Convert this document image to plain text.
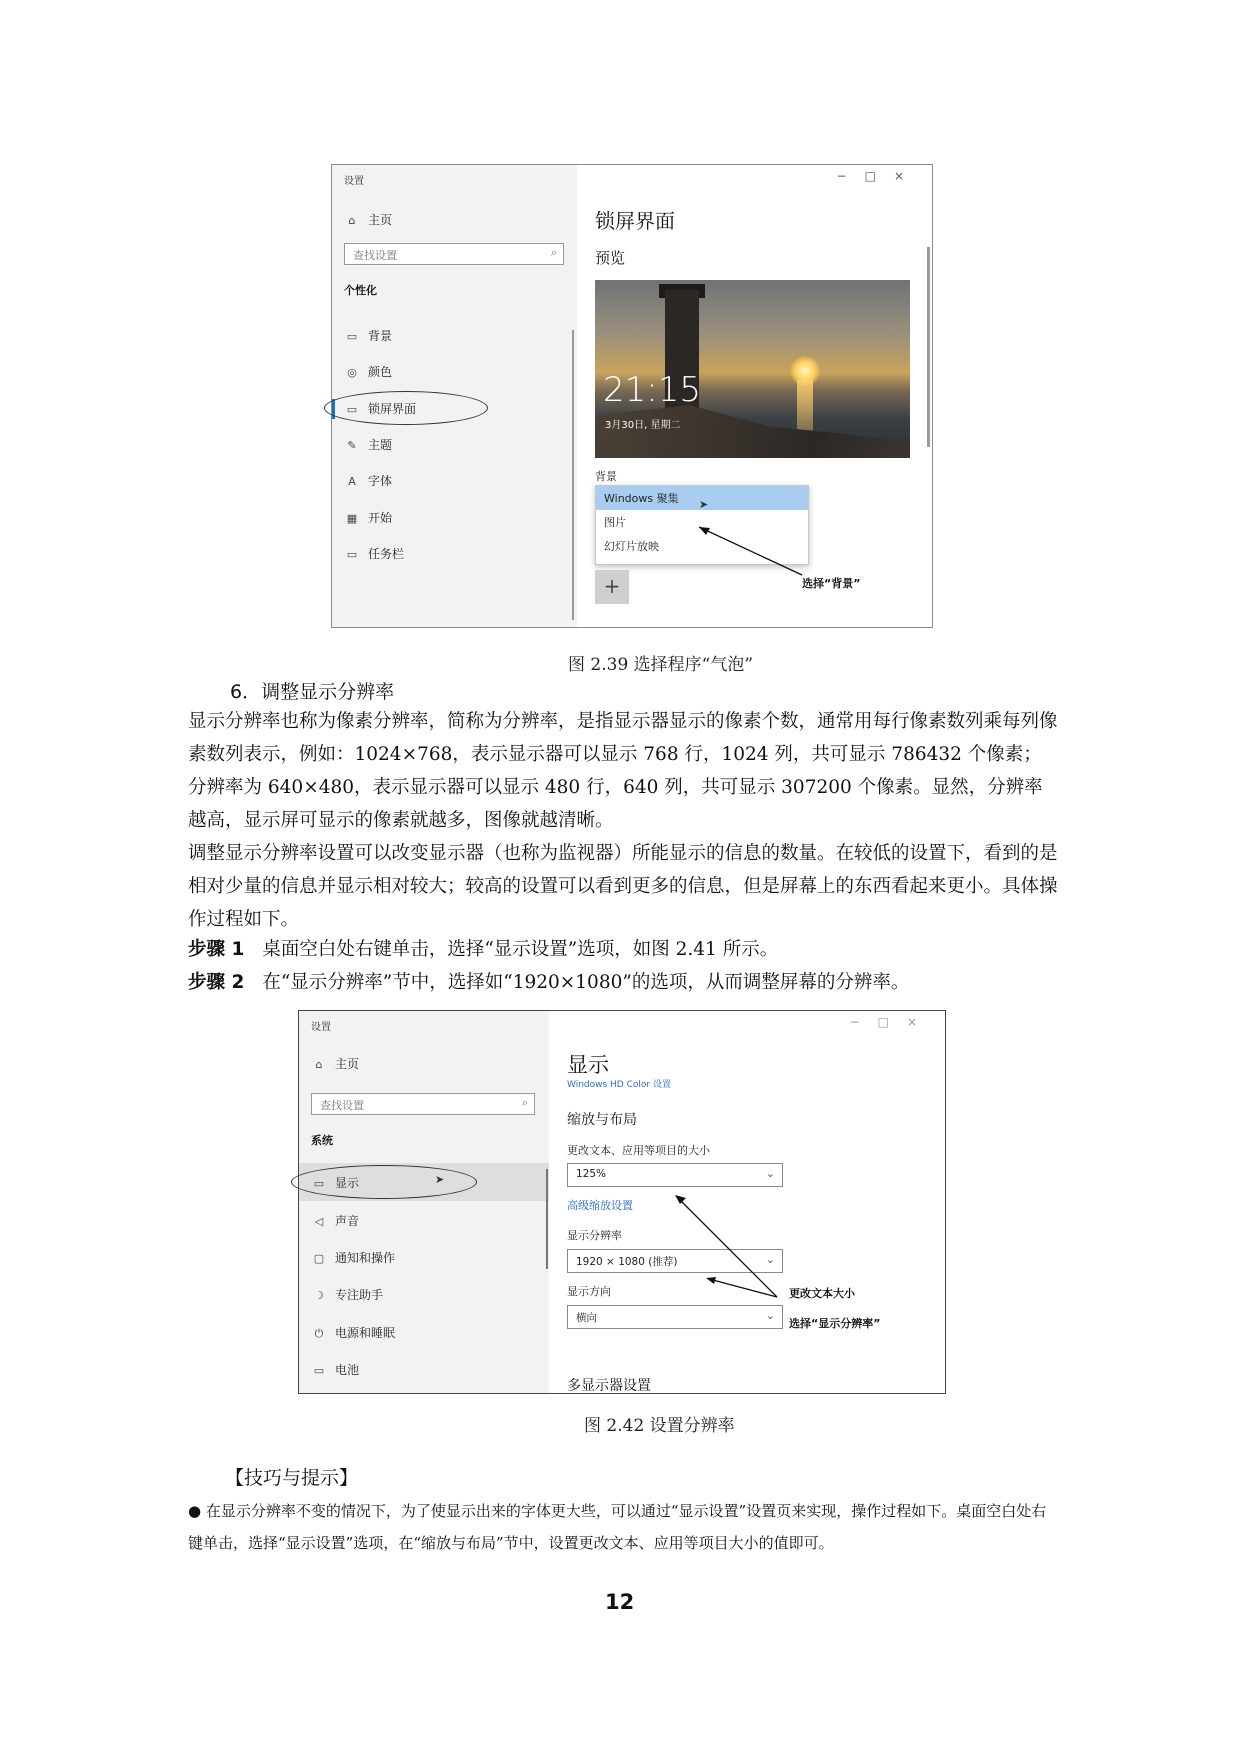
设置
⌂ 主页
查找设置	⌕
个性化
▭ 背景
◎ 颜色
▭ 锁屏界面
✎ 主题
A 字体
▦ 开始
▭ 任务栏
−□×
锁屏界面
预览
21:15
3月30日, 星期二
背景
Windows 聚集
图片
幻灯片放映
➤
+	选择“背景”
图 2.39 选择程序“气泡”
6．调整显示分辨率
显示分辨率也称为像素分辨率，简称为分辨率，是指显示器显示的像素个数，通常用每行像素数列乘每列像素数列表示，例如：1024×768，表示显示器可以显示 768 行，1024 列，共可显示 786432 个像素；分辨率为 640×480，表示显示器可以显示 480 行，640 列，共可显示 307200 个像素。显然，分辨率越高，显示屏可显示的像素就越多，图像就越清晰。
调整显示分辨率设置可以改变显示器（也称为监视器）所能显示的信息的数量。在较低的设置下，看到的是相对少量的信息并显示相对较大；较高的设置可以看到更多的信息，但是屏幕上的东西看起来更小。具体操作过程如下。
步骤 1 桌面空白处右键单击，选择“显示设置”选项，如图 2.41 所示。
步骤 2 在“显示分辨率”节中，选择如“1920×1080”的选项，从而调整屏幕的分辨率。
设置
⌂ 主页
查找设置	⌕
系统
▭ 显示	➤
◁ 声音
▢ 通知和操作
☽ 专注助手
⏻ 电源和睡眠
▭ 电池
−□×
显示
Windows HD Color 设置
缩放与布局
更改文本、应用等项目的大小
125%	⌄
高级缩放设置
显示分辨率
1920 × 1080 (推荐)	⌄
显示方向
横向	⌄
多显示器设置
更改文本大小
选择“显示分辨率”
图 2.42 设置分辨率
【技巧与提示】
● 在显示分辨率不变的情况下，为了使显示出来的字体更大些，可以通过“显示设置”设置页来实现，操作过程如下。桌面空白处右键单击，选择“显示设置”选项，在“缩放与布局”节中，设置更改文本、应用等项目大小的值即可。
12
